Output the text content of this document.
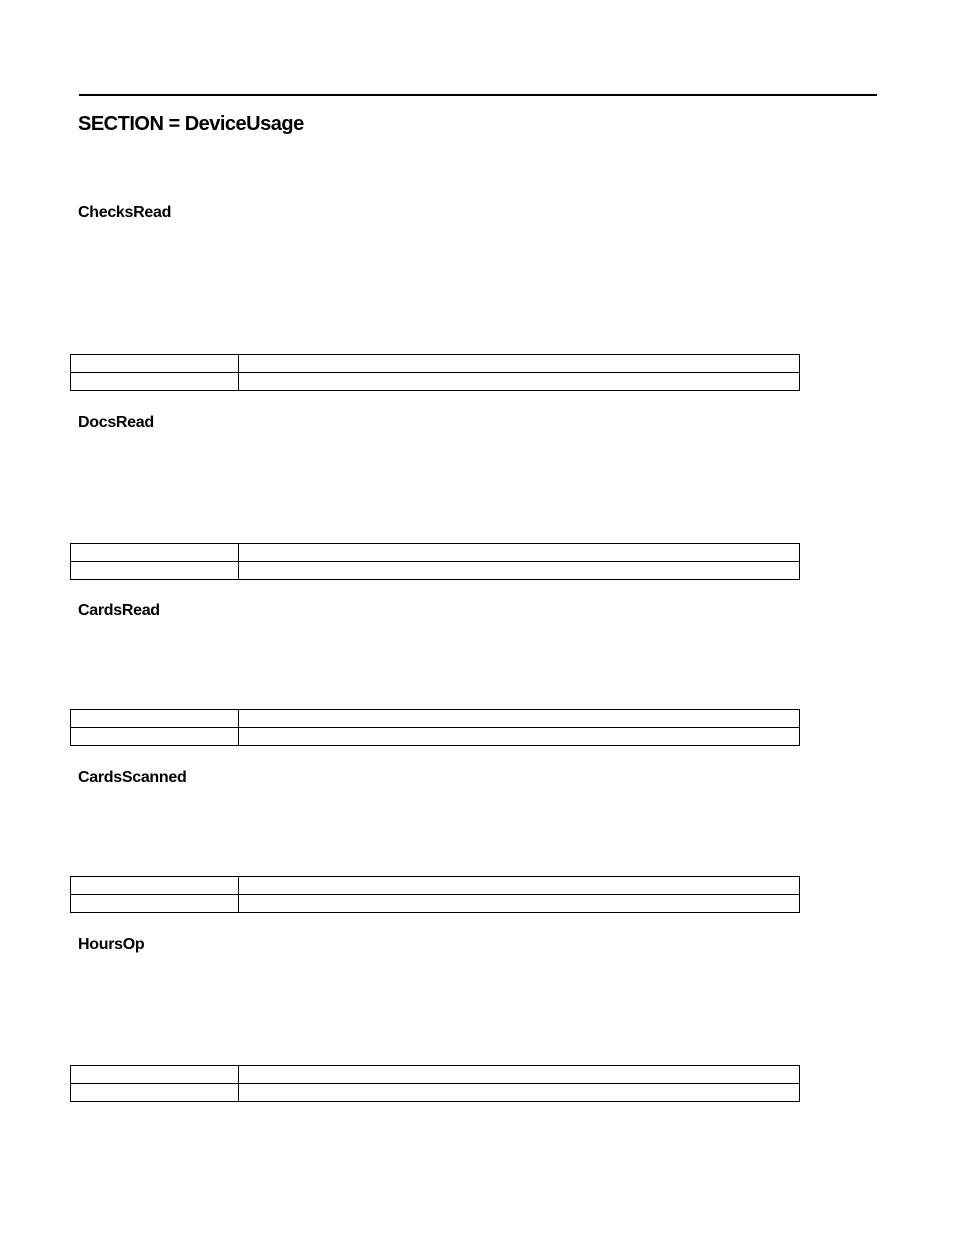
SECTION = DeviceUsage
ChecksRead

DocsRead

CardsRead

CardsScanned

HoursOp
